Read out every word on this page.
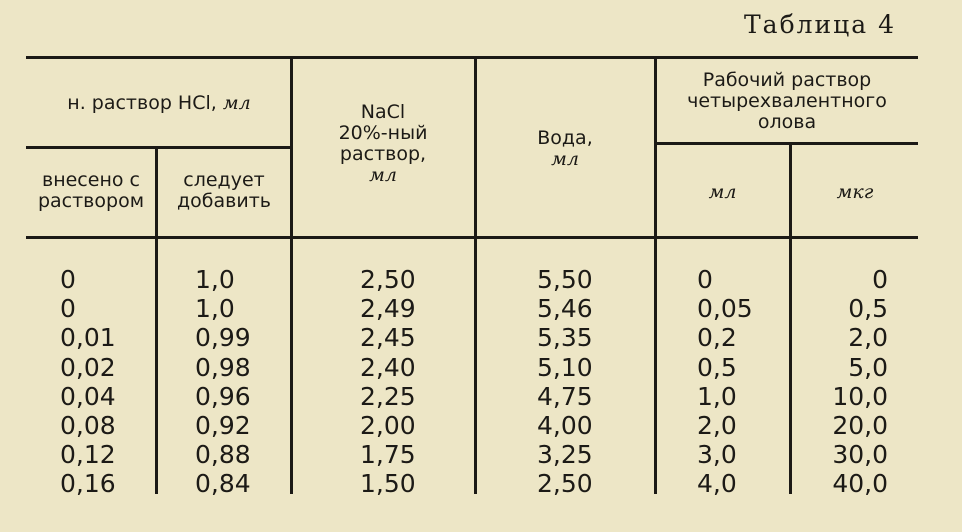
Таблица 4
н. раствор HCl, мл
внесено с
раствором
следует
добавить
NaCl
20%-ный
раствор,
мл
Вода,
мл
Рабочий раствор
четырехвалентного
олова
мл	мкг
0
0
0,01
0,02
0,04
0,08
0,12
0,16
1,0
1,0
0,99
0,98
0,96
0,92
0,88
0,84
2,50
2,49
2,45
2,40
2,25
2,00
1,75
1,50
5,50
5,46
5,35
5,10
4,75
4,00
3,25
2,50
0
0,05
0,2
0,5
1,0
2,0
3,0
4,0
0
0,5
2,0
5,0
10,0
20,0
30,0
40,0
